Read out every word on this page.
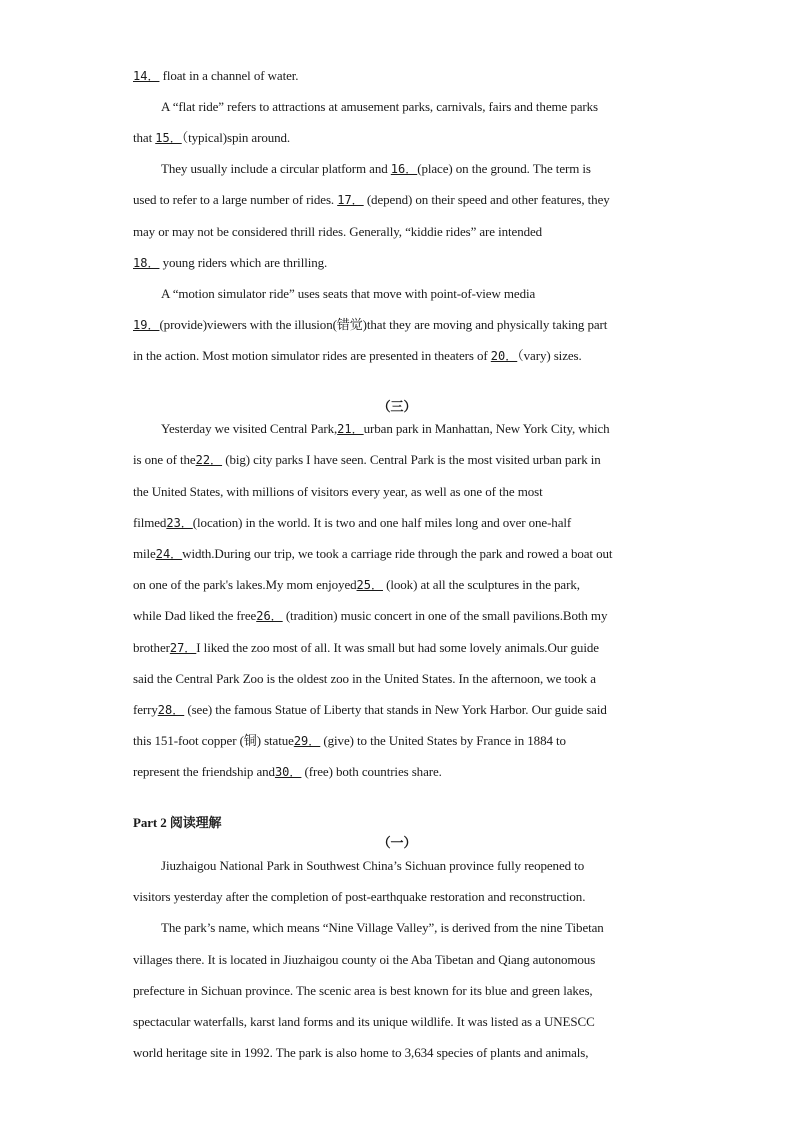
14． float in a channel of water.
A “flat ride” refers to attractions at amusement parks, carnivals, fairs and theme parks
that 15．（typical)spin around.
They usually include a circular platform and 16．(place) on the ground. The term is
used to refer to a large number of rides. 17． (depend) on their speed and other features, they
may or may not be considered thrill rides. Generally, “kiddie rides” are intended
18． young riders which are thrilling.
A “motion simulator ride” uses seats that move with point-of-view media
19．(provide)viewers with the illusion(错觉)that they are moving and physically taking part
in the action. Most motion simulator rides are presented in theaters of 20．（vary) sizes.
（三）
Yesterday we visited Central Park,21．urban park in Manhattan, New York City, which
is one of the22． (big) city parks I have seen. Central Park is the most visited urban park in
the United States, with millions of visitors every year, as well as one of the most
filmed23．(location) in the world. It is two and one half miles long and over one-half
mile24．width.During our trip, we took a carriage ride through the park and rowed a boat out
on one of the park's lakes.My mom enjoyed25． (look) at all the sculptures in the park,
while Dad liked the free26． (tradition) music concert in one of the small pavilions.Both my
brother27．I liked the zoo most of all. It was small but had some lovely animals.Our guide
said the Central Park Zoo is the oldest zoo in the United States. In the afternoon, we took a
ferry28． (see) the famous Statue of Liberty that stands in New York Harbor. Our guide said
this 151-foot copper (铜) statue29． (give) to the United States by France in 1884 to
represent the friendship and30． (free) both countries share.
Part 2 阅读理解
（一）
Jiuzhaigou National Park in Southwest China’s Sichuan province fully reopened to
visitors yesterday after the completion of post-earthquake restoration and reconstruction.
The park’s name, which means “Nine Village Valley”, is derived from the nine Tibetan
villages there. It is located in Jiuzhaigou county oi the Aba Tibetan and Qiang autonomous
prefecture in Sichuan province. The scenic area is best known for its blue and green lakes,
spectacular waterfalls, karst land forms and its unique wildlife. It was listed as a UNESCC
world heritage site in 1992. The park is also home to 3,634 species of plants and animals,
